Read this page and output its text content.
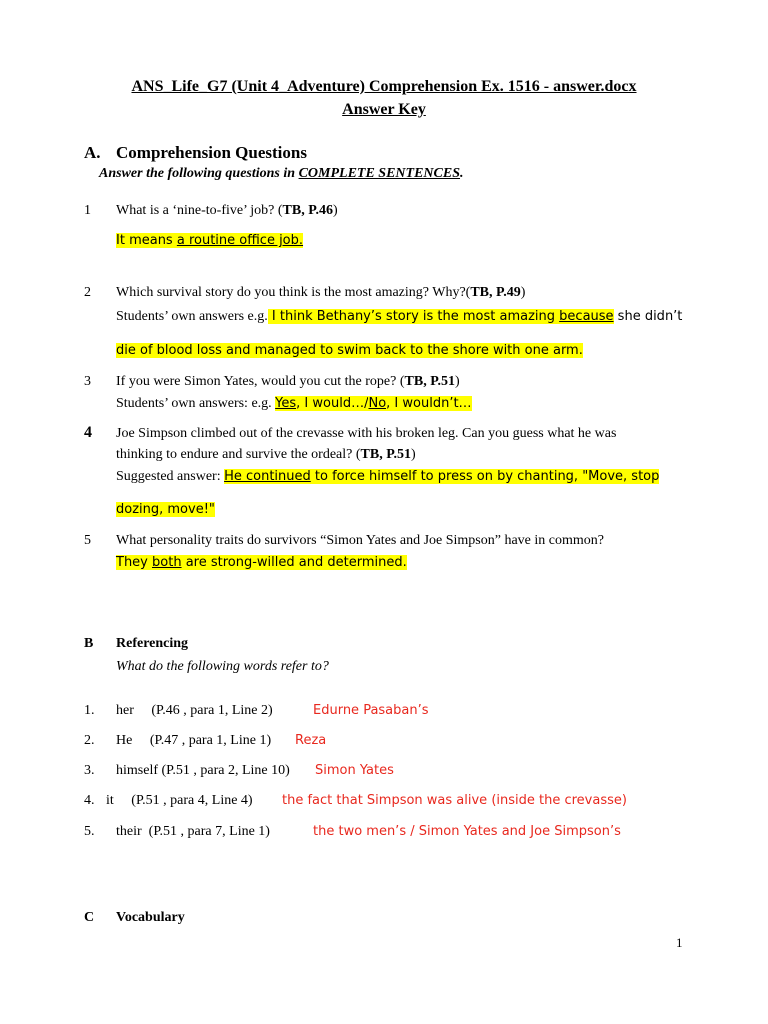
ANS_Life_G7 (Unit 4_Adventure) Comprehension Ex. 1516 - answer.docx
Answer Key
A. Comprehension Questions
Answer the following questions in COMPLETE SENTENCES.
1 What is a ‘nine-to-five’ job? (TB, P.46)
It means a routine office job.
2 Which survival story do you think is the most amazing? Why?(TB, P.49)
Students’ own answers e.g. I think Bethany’s story is the most amazing because she didn’t
die of blood loss and managed to swim back to the shore with one arm.
3 If you were Simon Yates, would you cut the rope? (TB, P.51)
Students’ own answers: e.g. Yes, I would…/No, I wouldn’t…
4 Joe Simpson climbed out of the crevasse with his broken leg. Can you guess what he was
thinking to endure and survive the ordeal? (TB, P.51)
Suggested answer: He continued to force himself to press on by chanting, "Move, stop
dozing, move!"
5 What personality traits do survivors “Simon Yates and Joe Simpson” have in common?
They both are strong-willed and determined.
B Referencing
What do the following words refer to?
1. her     (P.46 , para 1, Line 2)	Edurne Pasaban’s
2. He     (P.47 , para 1, Line 1) Reza
3. himself (P.51 , para 2, Line 10) Simon Yates
4. it     (P.51 , para 4, Line 4) the fact that Simpson was alive (inside the crevasse)
5. their  (P.51 , para 7, Line 1)	the two men’s / Simon Yates and Joe Simpson’s
C Vocabulary
1
